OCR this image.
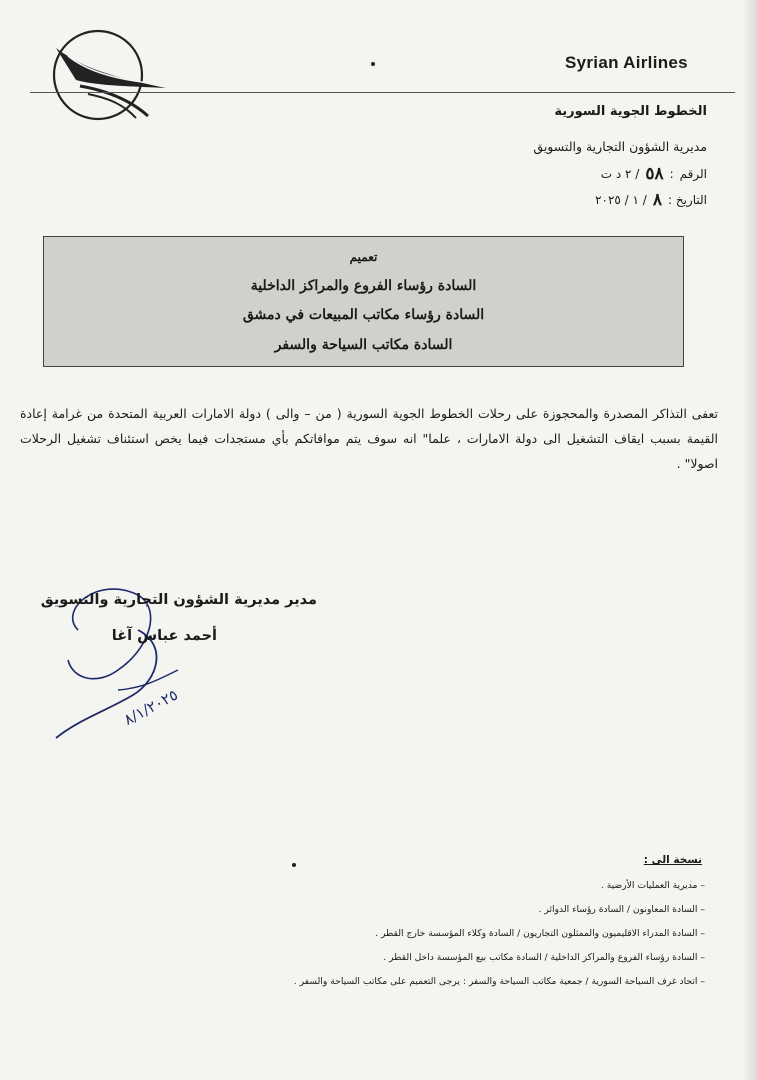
Syrian Airlines
الخطوط الجوية السورية
مديرية الشؤون التجارية والتسويق
الرقم
:
٥٨
/ ٢ د ت
التاريخ :
٨
/ ١ / ٢٠٢٥
تعميم
السادة رؤساء الفروع والمراكز الداخلية
السادة رؤساء مكاتب المبيعات في دمشق
السادة مكاتب السياحة والسفر
تعفى التذاكر المصدرة والمحجوزة على رحلات الخطوط الجوية السورية ( من – والى ) دولة الامارات العربية المتحدة من غرامة إعادة القيمة بسبب ايقاف التشغيل الى دولة الامارات ، علما" انه سوف يتم موافاتكم بأي مستجدات فيما يخص استئناف تشغيل الرحلات اصولا" .
مدير مديرية الشؤون التجارية والتسويق
أحمد عباس آغا
٨/١/٢٠٢٥
نسخة الى :
– مديرية العمليات الأرضية .
– السادة المعاونون / السادة رؤساء الدوائر .
– السادة المدراء الاقليميون والممثلون التجاريون / السادة وكلاء المؤسسة خارج القطر .
– السادة رؤساء الفروع والمراكز الداخلية / السادة مكاتب بيع المؤسسة داخل القطر .
– اتحاد غرف السياحة السورية / جمعية مكاتب السياحة والسفر : يرجى التعميم على مكاتب السياحة والسفر .
